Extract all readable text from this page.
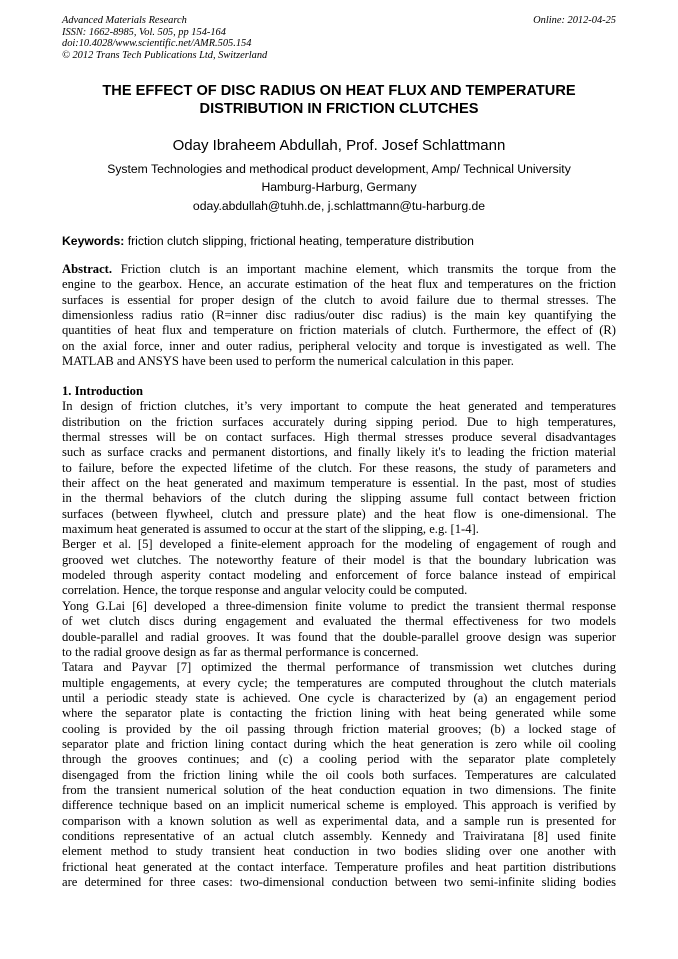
Advanced Materials Research
ISSN: 1662-8985, Vol. 505, pp 154-164
doi:10.4028/www.scientific.net/AMR.505.154
© 2012 Trans Tech Publications Ltd, Switzerland
Online: 2012-04-25
THE EFFECT OF DISC RADIUS ON HEAT FLUX AND TEMPERATURE
DISTRIBUTION IN FRICTION CLUTCHES
Oday Ibraheem Abdullah, Prof. Josef Schlattmann
System Technologies and methodical product development, Amp/ Technical University
Hamburg-Harburg, Germany
oday.abdullah@tuhh.de, j.schlattmann@tu-harburg.de
Keywords: friction clutch slipping, frictional heating, temperature distribution
Abstract. Friction clutch is an important machine element, which transmits the torque from the
engine to the gearbox. Hence, an accurate estimation of the heat flux and temperatures on the friction
surfaces is essential for proper design of the clutch to avoid failure due to thermal stresses. The
dimensionless radius ratio (R=inner disc radius/outer disc radius) is the main key quantifying the
quantities of heat flux and temperature on friction materials of clutch. Furthermore, the effect of (R)
on the axial force, inner and outer radius, peripheral velocity and torque is investigated as well. The
MATLAB and ANSYS have been used to perform the numerical calculation in this paper.
1. Introduction
In design of friction clutches, it’s very important to compute the heat generated and temperatures
distribution on the friction surfaces accurately during sipping period. Due to high temperatures,
thermal stresses will be on contact surfaces. High thermal stresses produce several disadvantages
such as surface cracks and permanent distortions, and finally likely it's to leading the friction material
to failure, before the expected lifetime of the clutch. For these reasons, the study of parameters and
their affect on the heat generated and maximum temperature is essential. In the past, most of studies
in the thermal behaviors of the clutch during the slipping assume full contact between friction
surfaces (between flywheel, clutch and pressure plate) and the heat flow is one-dimensional. The
maximum heat generated is assumed to occur at the start of the slipping, e.g. [1-4].
Berger et al. [5] developed a finite-element approach for the modeling of engagement of rough and
grooved wet clutches. The noteworthy feature of their model is that the boundary lubrication was
modeled through asperity contact modeling and enforcement of force balance instead of empirical
correlation. Hence, the torque response and angular velocity could be computed.
Yong G.Lai [6] developed a three-dimension finite volume to predict the transient thermal response
of wet clutch discs during engagement and evaluated the thermal effectiveness for two models
double-parallel and radial grooves. It was found that the double-parallel groove design was superior
to the radial groove design as far as thermal performance is concerned.
Tatara and Payvar [7] optimized the thermal performance of transmission wet clutches during
multiple engagements, at every cycle; the temperatures are computed throughout the clutch materials
until a periodic steady state is achieved. One cycle is characterized by (a) an engagement period
where the separator plate is contacting the friction lining with heat being generated while some
cooling is provided by the oil passing through friction material grooves; (b) a locked stage of
separator plate and friction lining contact during which the heat generation is zero while oil cooling
through the grooves continues; and (c) a cooling period with the separator plate completely
disengaged from the friction lining while the oil cools both surfaces. Temperatures are calculated
from the transient numerical solution of the heat conduction equation in two dimensions. The finite
difference technique based on an implicit numerical scheme is employed. This approach is verified by
comparison with a known solution as well as experimental data, and a sample run is presented for
conditions representative of an actual clutch assembly. Kennedy and Traiviratana [8] used finite
element method to study transient heat conduction in two bodies sliding over one another with
frictional heat generated at the contact interface. Temperature profiles and heat partition distributions
are determined for three cases: two-dimensional conduction between two semi-infinite sliding bodies
